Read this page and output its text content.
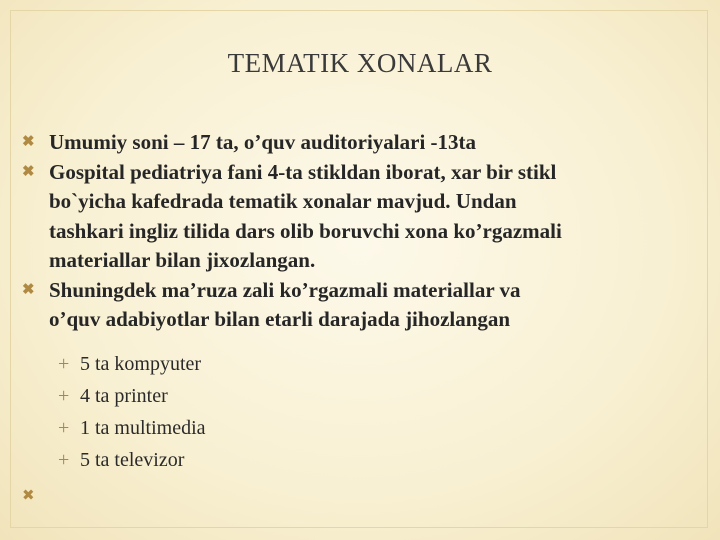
TEMATIK XONALAR
✖ Umumiy soni – 17 ta, o’quv auditoriyalari -13ta
✖ Gospital pediatriya fani 4-ta stikldan iborat, xar bir stikl
bo`yicha kafedrada tematik xonalar mavjud. Undan
tashkari ingliz tilida dars olib boruvchi xona ko’rgazmali
materiallar bilan jixozlangan.
✖ Shuningdek ma’ruza zali ko’rgazmali materiallar va
o’quv adabiyotlar bilan etarli darajada jihozlangan
+ 5 ta kompyuter
+ 4 ta printer
+ 1 ta multimedia
+ 5 ta televizor
✖
